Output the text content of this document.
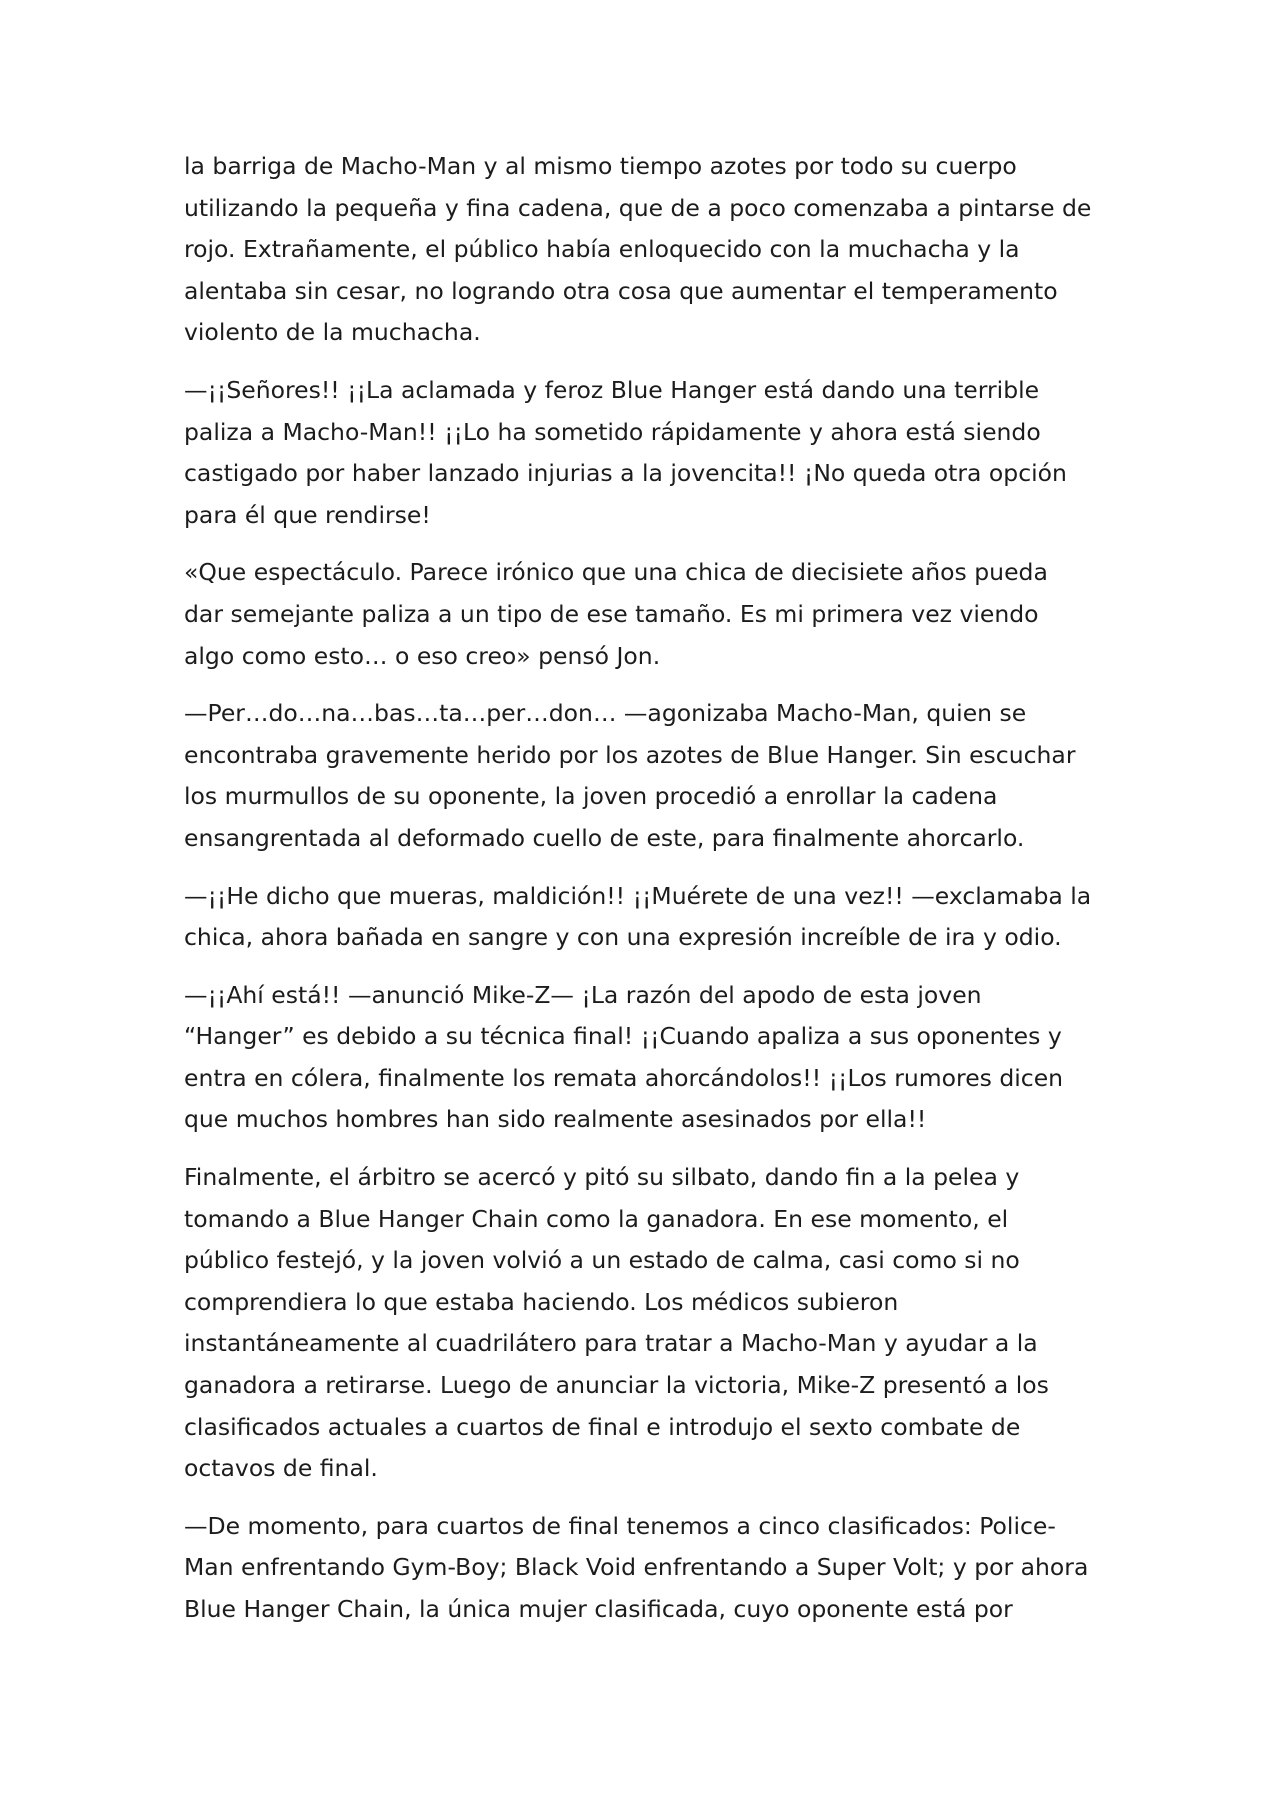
la barriga de Macho-Man y al mismo tiempo azotes por todo su cuerpo
utilizando la pequeña y fina cadena, que de a poco comenzaba a pintarse de
rojo. Extrañamente, el público había enloquecido con la muchacha y la
alentaba sin cesar, no logrando otra cosa que aumentar el temperamento
violento de la muchacha.

—¡¡Señores!! ¡¡La aclamada y feroz Blue Hanger está dando una terrible
paliza a Macho-Man!! ¡¡Lo ha sometido rápidamente y ahora está siendo
castigado por haber lanzado injurias a la jovencita!! ¡No queda otra opción
para él que rendirse!

«Que espectáculo. Parece irónico que una chica de diecisiete años pueda
dar semejante paliza a un tipo de ese tamaño. Es mi primera vez viendo
algo como esto… o eso creo» pensó Jon.

—Per…do…na…bas…ta…per…don… —agonizaba Macho-Man, quien se
encontraba gravemente herido por los azotes de Blue Hanger. Sin escuchar
los murmullos de su oponente, la joven procedió a enrollar la cadena
ensangrentada al deformado cuello de este, para finalmente ahorcarlo.

—¡¡He dicho que mueras, maldición!! ¡¡Muérete de una vez!! —exclamaba la
chica, ahora bañada en sangre y con una expresión increíble de ira y odio.

—¡¡Ahí está!! —anunció Mike-Z— ¡La razón del apodo de esta joven
“Hanger” es debido a su técnica final! ¡¡Cuando apaliza a sus oponentes y
entra en cólera, finalmente los remata ahorcándolos!! ¡¡Los rumores dicen
que muchos hombres han sido realmente asesinados por ella!!

Finalmente, el árbitro se acercó y pitó su silbato, dando fin a la pelea y
tomando a Blue Hanger Chain como la ganadora. En ese momento, el
público festejó, y la joven volvió a un estado de calma, casi como si no
comprendiera lo que estaba haciendo. Los médicos subieron
instantáneamente al cuadrilátero para tratar a Macho-Man y ayudar a la
ganadora a retirarse. Luego de anunciar la victoria, Mike-Z presentó a los
clasificados actuales a cuartos de final e introdujo el sexto combate de
octavos de final.

—De momento, para cuartos de final tenemos a cinco clasificados: Police-
Man enfrentando Gym-Boy; Black Void enfrentando a Super Volt; y por ahora
Blue Hanger Chain, la única mujer clasificada, cuyo oponente está por
